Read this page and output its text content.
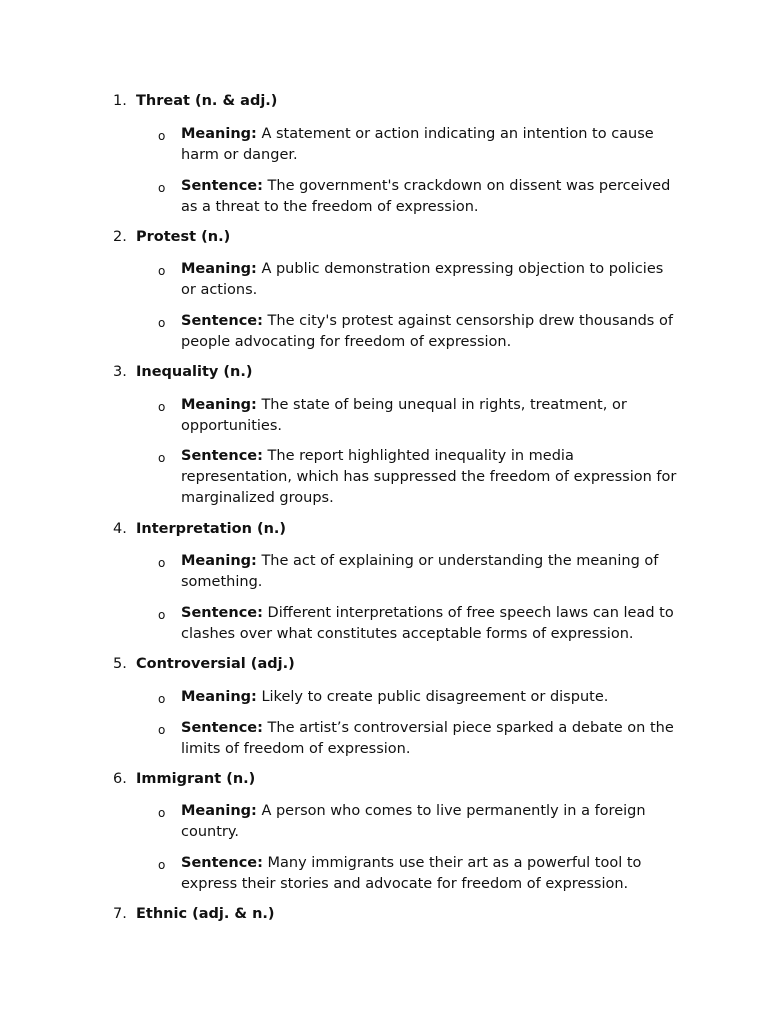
1. Threat (n. & adj.)
o Meaning: A statement or action indicating an intention to cause harm or danger.
o Sentence: The government's crackdown on dissent was perceived as a threat to the freedom of expression.
2. Protest (n.)
o Meaning: A public demonstration expressing objection to policies or actions.
o Sentence: The city's protest against censorship drew thousands of people advocating for freedom of expression.
3. Inequality (n.)
o Meaning: The state of being unequal in rights, treatment, or opportunities.
o Sentence: The report highlighted inequality in media representation, which has suppressed the freedom of expression for marginalized groups.
4. Interpretation (n.)
o Meaning: The act of explaining or understanding the meaning of something.
o Sentence: Different interpretations of free speech laws can lead to clashes over what constitutes acceptable forms of expression.
5. Controversial (adj.)
o Meaning: Likely to create public disagreement or dispute.
o Sentence: The artist’s controversial piece sparked a debate on the limits of freedom of expression.
6. Immigrant (n.)
o Meaning: A person who comes to live permanently in a foreign country.
o Sentence: Many immigrants use their art as a powerful tool to express their stories and advocate for freedom of expression.
7. Ethnic (adj. & n.)
